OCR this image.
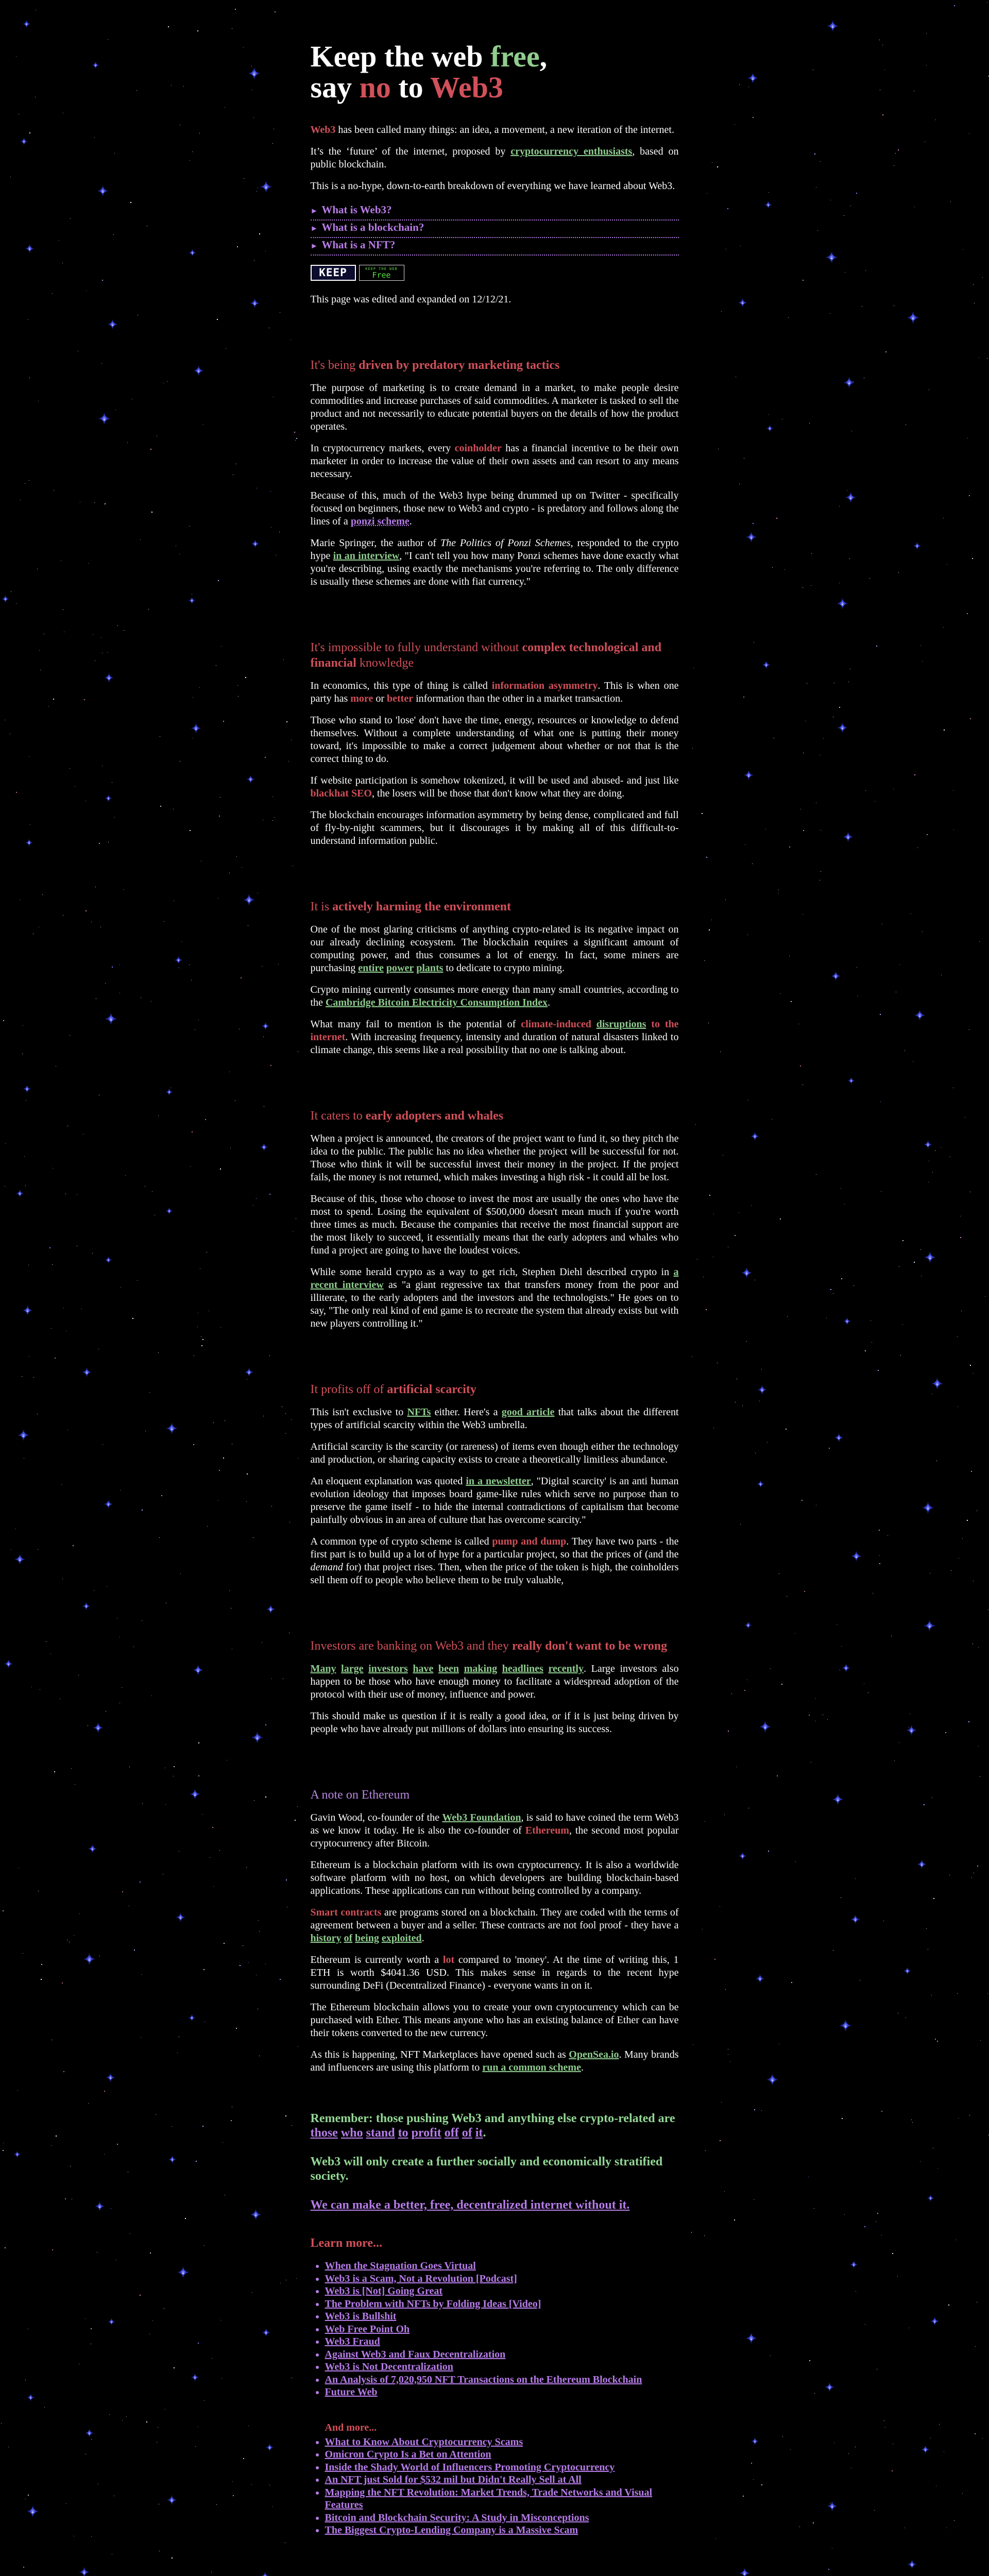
Keep the web free,
say no to Web3

Web3 has been called many things: an idea, a movement, a new iteration of the internet.

It’s the ‘future’ of the internet, proposed by cryptocurrency enthusiasts, based on public blockchain.

This is a no-hype, down-to-earth breakdown of everything we have learned about Web3.

► What is Web3?
► What is a blockchain?
► What is a NFT?
KEEP	KEEP THE WEB
Free

This page was edited and expanded on 12/12/21.

It's being driven by predatory marketing tactics

The purpose of marketing is to create demand in a market, to make people desire commodities and increase purchases of said commodities. A marketer is tasked to sell the product and not necessarily to educate potential buyers on the details of how the product operates.

In cryptocurrency markets, every coinholder has a financial incentive to be their own marketer in order to increase the value of their own assets and can resort to any means necessary.

Because of this, much of the Web3 hype being drummed up on Twitter - specifically focused on beginners, those new to Web3 and crypto - is predatory and follows along the lines of a ponzi scheme.

Marie Springer, the author of The Politics of Ponzi Schemes, responded to the crypto hype in an interview, "I can't tell you how many Ponzi schemes have done exactly what you're describing, using exactly the mechanisms you're referring to. The only difference is usually these schemes are done with fiat currency."

It's impossible to fully understand without complex technological and financial knowledge

In economics, this type of thing is called information asymmetry. This is when one party has more or better information than the other in a market transaction.

Those who stand to 'lose' don't have the time, energy, resources or knowledge to defend themselves. Without a complete understanding of what one is putting their money toward, it's impossible to make a correct judgement about whether or not that is the correct thing to do.

If website participation is somehow tokenized, it will be used and abused- and just like blackhat SEO, the losers will be those that don't know what they are doing.

The blockchain encourages information asymmetry by being dense, complicated and full of fly-by-night scammers, but it discourages it by making all of this difficult-to-understand information public.

It is actively harming the environment

One of the most glaring criticisms of anything crypto-related is its negative impact on our already declining ecosystem. The blockchain requires a significant amount of computing power, and thus consumes a lot of energy. In fact, some miners are purchasing entire power plants to dedicate to crypto mining.

Crypto mining currently consumes more energy than many small countries, according to the Cambridge Bitcoin Electricity Consumption Index.

What many fail to mention is the potential of climate-induced disruptions to the internet. With increasing frequency, intensity and duration of natural disasters linked to climate change, this seems like a real possibility that no one is talking about.

It caters to early adopters and whales

When a project is announced, the creators of the project want to fund it, so they pitch the idea to the public. The public has no idea whether the project will be successful for not. Those who think it will be successful invest their money in the project. If the project fails, the money is not returned, which makes investing a high risk - it could all be lost.

Because of this, those who choose to invest the most are usually the ones who have the most to spend. Losing the equivalent of $500,000 doesn't mean much if you're worth three times as much. Because the companies that receive the most financial support are the most likely to succeed, it essentially means that the early adopters and whales who fund a project are going to have the loudest voices.

While some herald crypto as a way to get rich, Stephen Diehl described crypto in a recent interview as "a giant regressive tax that transfers money from the poor and illiterate, to the early adopters and the investors and the technologists." He goes on to say, "The only real kind of end game is to recreate the system that already exists but with new players controlling it."

It profits off of artificial scarcity

This isn't exclusive to NFTs either. Here's a good article that talks about the different types of artificial scarcity within the Web3 umbrella.

Artificial scarcity is the scarcity (or rareness) of items even though either the technology and production, or sharing capacity exists to create a theoretically limitless abundance.

An eloquent explanation was quoted in a newsletter, "Digital scarcity' is an anti human evolution ideology that imposes board game-like rules which serve no purpose than to preserve the game itself - to hide the internal contradictions of capitalism that become painfully obvious in an area of culture that has overcome scarcity."

A common type of crypto scheme is called pump and dump. They have two parts - the first part is to build up a lot of hype for a particular project, so that the prices of (and the demand for) that project rises. Then, when the price of the token is high, the coinholders sell them off to people who believe them to be truly valuable,

Investors are banking on Web3 and they really don't want to be wrong

Many large investors have been making headlines recently. Large investors also happen to be those who have enough money to facilitate a widespread adoption of the protocol with their use of money, influence and power.

This should make us question if it is really a good idea, or if it is just being driven by people who have already put millions of dollars into ensuring its success.

A note on Ethereum

Gavin Wood, co-founder of the Web3 Foundation, is said to have coined the term Web3 as we know it today. He is also the co-founder of Ethereum, the second most popular cryptocurrency after Bitcoin.

Ethereum is a blockchain platform with its own cryptocurrency. It is also a worldwide software platform with no host, on which developers are building blockchain-based applications. These applications can run without being controlled by a company.

Smart contracts are programs stored on a blockchain. They are coded with the terms of agreement between a buyer and a seller. These contracts are not fool proof - they have a history of being exploited.

Ethereum is currently worth a lot compared to 'money'. At the time of writing this, 1 ETH is worth $4041.36 USD. This makes sense in regards to the recent hype surrounding DeFi (Decentralized Finance) - everyone wants in on it.

The Ethereum blockchain allows you to create your own cryptocurrency which can be purchased with Ether. This means anyone who has an existing balance of Ether can have their tokens converted to the new currency.

As this is happening, NFT Marketplaces have opened such as OpenSea.io. Many brands and influencers are using this platform to run a common scheme.

Remember: those pushing Web3 and anything else crypto-related are those who stand to profit off of it.

Web3 will only create a further socially and economically stratified society.

We can make a better, free, decentralized internet without it.

Learn more...
• When the Stagnation Goes Virtual
• Web3 is a Scam, Not a Revolution [Podcast]
• Web3 is [Not] Going Great
• The Problem with NFTs by Folding Ideas [Video]
• Web3 is Bullshit
• Web Free Point Oh
• Web3 Fraud
• Against Web3 and Faux Decentralization
• Web3 is Not Decentralization
• An Analysis of 7,020,950 NFT Transactions on the Ethereum Blockchain
• Future Web
And more...
• What to Know About Cryptocurrency Scams
• Omicron Crypto Is a Bet on Attention
• Inside the Shady World of Influencers Promoting Cryptocurrency
• An NFT just Sold for $532 mil but Didn't Really Sell at All
• Mapping the NFT Revolution: Market Trends, Trade Networks and Visual Features
• Bitcoin and Blockchain Security: A Study in Misconceptions
• The Biggest Crypto-Lending Company is a Massive Scam
